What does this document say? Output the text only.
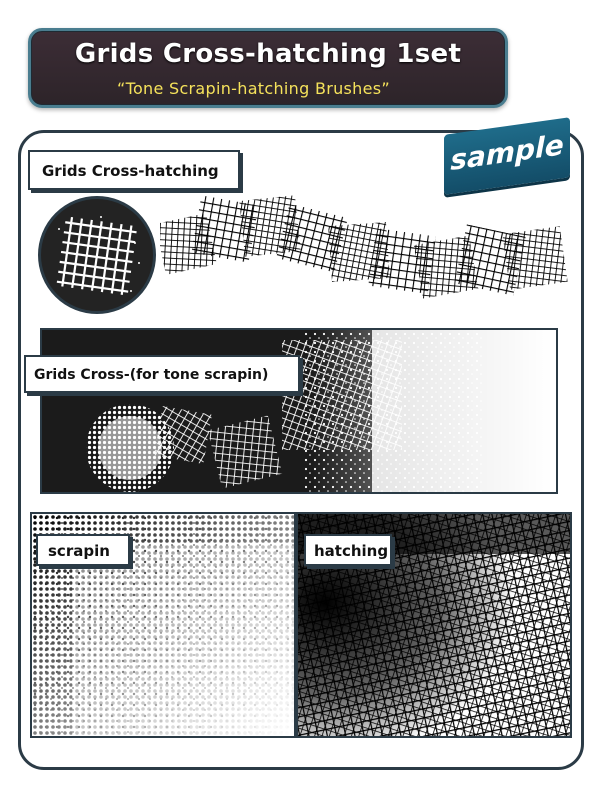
Grids Cross-hatching 1set
“Tone Scrapin-hatching Brushes”
sample
Grids Cross-hatching
Grids Cross-(for tone scrapin)
scrapin	hatching
